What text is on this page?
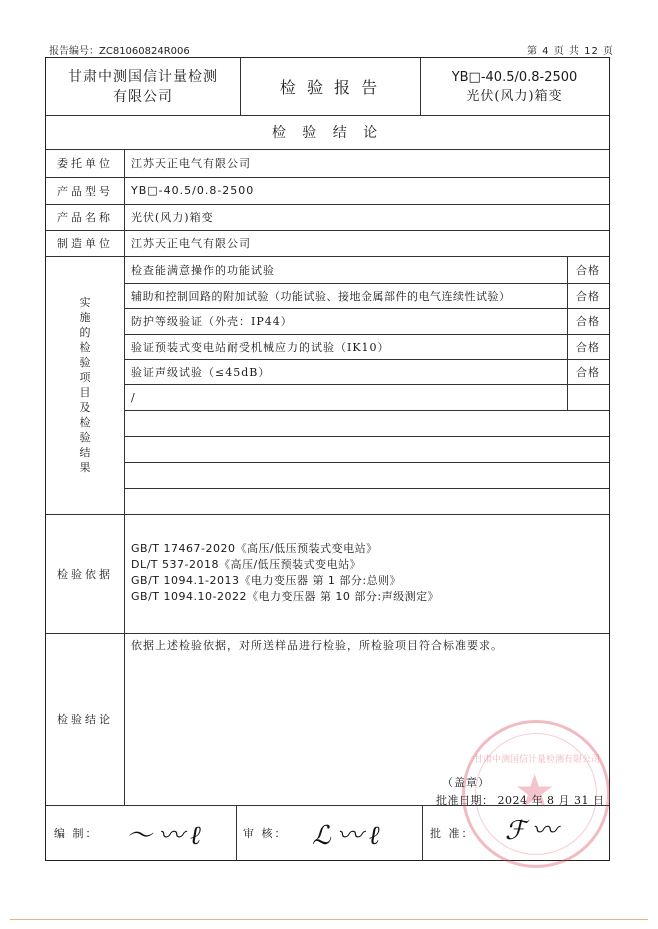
报告编号：ZC81060824R006	第 4 页 共 12 页
甘肃中测国信计量检测
有限公司	检 验 报 告
YB□-40.5/0.8-2500
光伏(风力)箱变
检 验 结 论
委托单位	江苏天正电气有限公司
产品型号	YB□-40.5/0.8-2500
产品名称	光伏(风力)箱变
制造单位	江苏天正电气有限公司
实
施
的
检
验
项
目
及
检
验
结
果
检查能满意操作的功能试验	合格
辅助和控制回路的附加试验（功能试验、接地金属部件的电气连续性试验）	合格
防护等级验证（外壳：IP44）	合格
验证预装式变电站耐受机械应力的试验（IK10）	合格
验证声级试验（≤45dB）	合格
/
检验依据
GB/T 17467-2020《高压/低压预装式变电站》
DL/T 537-2018《高压/低压预装式变电站》
GB/T 1094.1-2013《电力变压器 第 1 部分:总则》
GB/T 1094.10-2022《电力变压器 第 10 部分:声级测定》
检验结论
依据上述检验依据，对所送样品进行检验，所检验项目符合标准要求。
甘肃中测国信计量检测有限公司
★
（盖章）
批准日期： 2024 年 8 月 31 日
编 制：	〜〰ℓ	审 核： ℒ〰ℓ	批 准：	ℱ〰
